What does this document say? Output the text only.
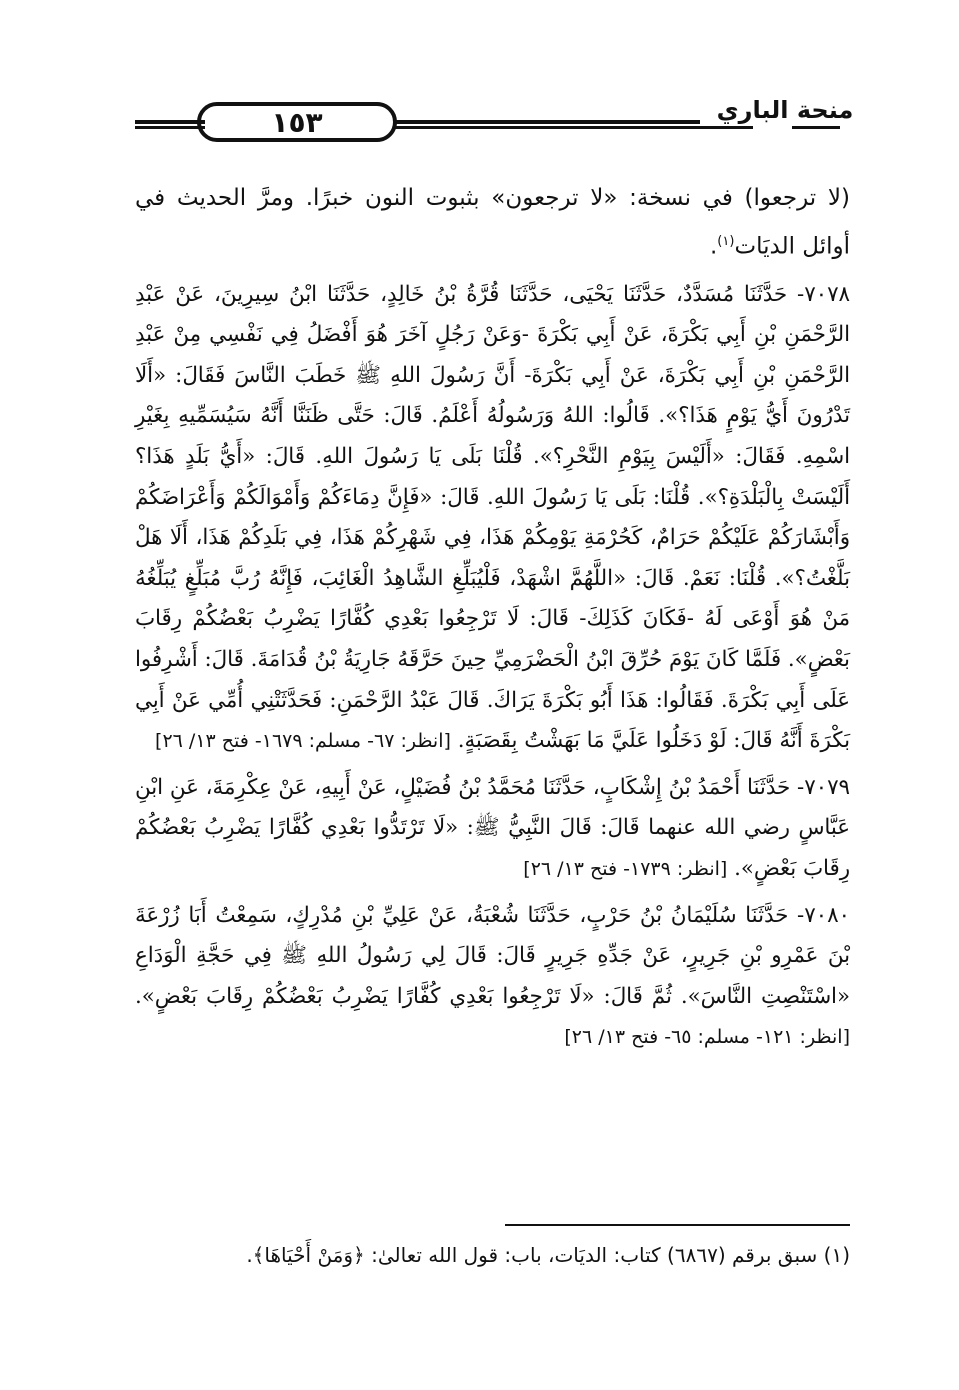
١٥٣	منحة الباري

(لا ترجعوا) في نسخة: «لا ترجعون» بثبوت النون خبرًا. ومرَّ الحديث في أوائل الديَات$^{(١)}$.

٧٠٧٨- حَدَّثَنَا مُسَدَّدٌ، حَدَّثَنَا يَحْيَى، حَدَّثَنَا قُرَّةُ بْنُ خَالِدٍ، حَدَّثَنَا ابْنُ سِيرِينَ، عَنْ عَبْدِ الرَّحْمَنِ بْنِ أَبِي بَكْرَةَ، عَنْ أَبِي بَكْرَةَ -وَعَنْ رَجُلٍ آخَرَ هُوَ أَفْضَلُ فِي نَفْسِي مِنْ عَبْدِ الرَّحْمَنِ بْنِ أَبِي بَكْرَةَ، عَنْ أَبِي بَكْرَةَ- أَنَّ رَسُولَ اللهِ ﷺ خَطَبَ النَّاسَ فَقَالَ: «أَلَا تَدْرُونَ أَيُّ يَوْمٍ هَذَا؟». قَالُوا: اللهُ وَرَسُولُهُ أَعْلَمُ. قَالَ: حَتَّى ظَنَنَّا أَنَّهُ سَيُسَمِّيهِ بِغَيْرِ اسْمِهِ. فَقَالَ: «أَلَيْسَ بِيَوْمِ النَّحْرِ؟». قُلْنَا بَلَى يَا رَسُولَ اللهِ. قَالَ: «أَيُّ بَلَدٍ هَذَا؟ أَلَيْسَتْ بِالْبَلْدَةِ؟». قُلْنَا: بَلَى يَا رَسُولَ اللهِ. قَالَ: «فَإِنَّ دِمَاءَكُمْ وَأَمْوَالَكُمْ وَأَعْرَاضَكُمْ وَأَبْشَارَكُمْ عَلَيْكُمْ حَرَامٌ، كَحُرْمَةِ يَوْمِكُمْ هَذَا، فِي شَهْرِكُمْ هَذَا، فِي بَلَدِكُمْ هَذَا، أَلَا هَلْ بَلَّغْتُ؟». قُلْنَا: نَعَمْ. قَالَ: «اللَّهُمَّ اشْهَدْ، فَلْيُبَلِّغِ الشَّاهِدُ الْغَائِبَ، فَإِنَّهُ رُبَّ مُبَلِّغٍ يُبَلِّغُهُ مَنْ هُوَ أَوْعَى لَهُ -فَكَانَ كَذَلِكَ- قَالَ: لَا تَرْجِعُوا بَعْدِي كُفَّارًا يَضْرِبُ بَعْضُكُمْ رِقَابَ بَعْضٍ». فَلَمَّا كَانَ يَوْمَ حُرِّقَ ابْنُ الْحَضْرَمِيِّ حِينَ حَرَّقَهُ جَارِيَةُ بْنُ قُدَامَةَ. قَالَ: أَشْرِفُوا عَلَى أَبِي بَكْرَةَ. فَقَالُوا: هَذَا أَبُو بَكْرَةَ يَرَاكَ. قَالَ عَبْدُ الرَّحْمَنِ: فَحَدَّثَتْنِي أُمِّي عَنْ أَبِي بَكْرَةَ أَنَّهُ قَالَ: لَوْ دَخَلُوا عَلَيَّ مَا بَهَشْتُ بِقَصَبَةٍ. [انظر: ٦٧- مسلم: ١٦٧٩- فتح ١٣/ ٢٦]

٧٠٧٩- حَدَّثَنَا أَحْمَدُ بْنُ إِشْكَابٍ، حَدَّثَنَا مُحَمَّدُ بْنُ فُضَيْلٍ، عَنْ أَبِيهِ، عَنْ عِكْرِمَةَ، عَنِ ابْنِ عَبَّاسٍ رضي الله عنهما قَالَ: قَالَ النَّبِيُّ ﷺ: «لَا تَرْتَدُّوا بَعْدِي كُفَّارًا يَضْرِبُ بَعْضُكُمْ رِقَابَ بَعْضٍ». [انظر: ١٧٣٩- فتح ١٣/ ٢٦]

٧٠٨٠- حَدَّثَنَا سُلَيْمَانُ بْنُ حَرْبٍ، حَدَّثَنَا شُعْبَةُ، عَنْ عَلِيِّ بْنِ مُدْرِكٍ، سَمِعْتُ أَبَا زُرْعَةَ بْنَ عَمْرِو بْنِ جَرِيرٍ، عَنْ جَدِّهِ جَرِيرٍ قَالَ: قَالَ لِي رَسُولُ اللهِ ﷺ فِي حَجَّةِ الْوَدَاعِ «اسْتَنْصِتِ النَّاسَ». ثُمَّ قَالَ: «لَا تَرْجِعُوا بَعْدِي كُفَّارًا يَضْرِبُ بَعْضُكُمْ رِقَابَ بَعْضٍ». [انظر: ١٢١- مسلم: ٦٥- فتح ١٣/ ٢٦]

(١) سبق برقم (٦٨٦٧) كتاب: الديَات، باب: قول الله تعالىٰ: ﴿وَمَنْ أَحْيَاهَا﴾.
